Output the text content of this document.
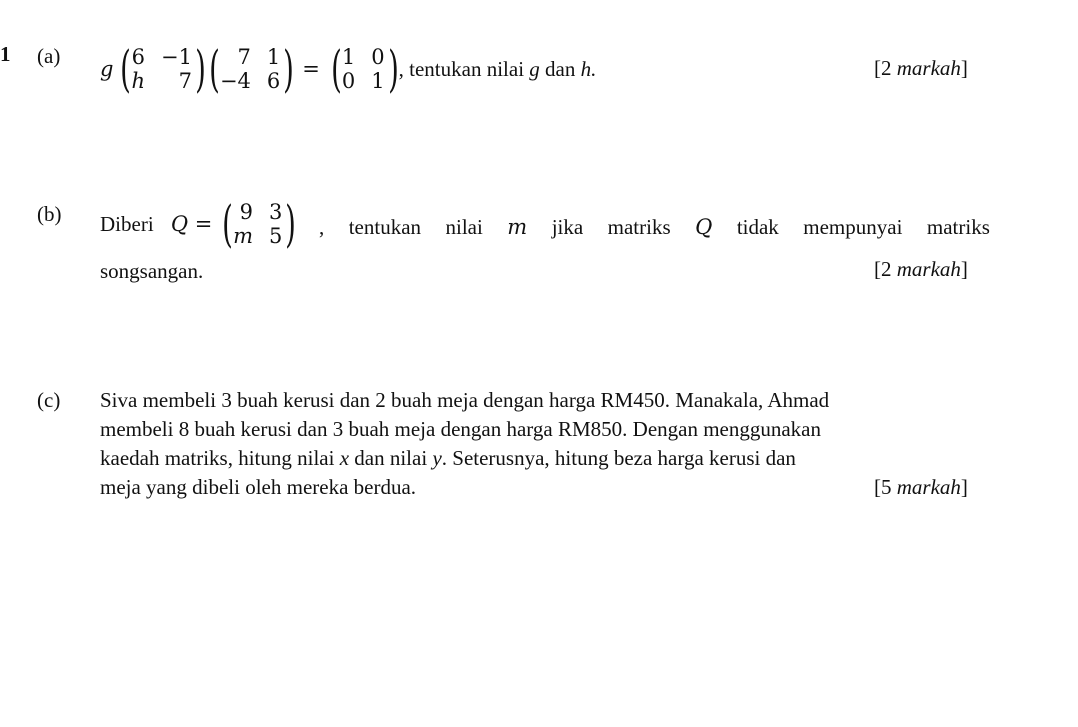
1 (a)
g ( 6 −1
h	7 ) ( 7 1
−4 6 ) = ( 1 0
0 1 ) , tentukan nilai g dan h.	[2 markah]
(b) Diberi Q = ( 9 3
m 5 ) , tentukan nilai m jika matriks Q tidak mempunyai matriks
songsangan.	[2 markah]
(c) Siva membeli 3 buah kerusi dan 2 buah meja dengan harga RM450. Manakala, Ahmad
membeli 8 buah kerusi dan 3 buah meja dengan harga RM850. Dengan menggunakan
kaedah matriks, hitung nilai x dan nilai y. Seterusnya, hitung beza harga kerusi dan
meja yang dibeli oleh mereka berdua.	[5 markah]
